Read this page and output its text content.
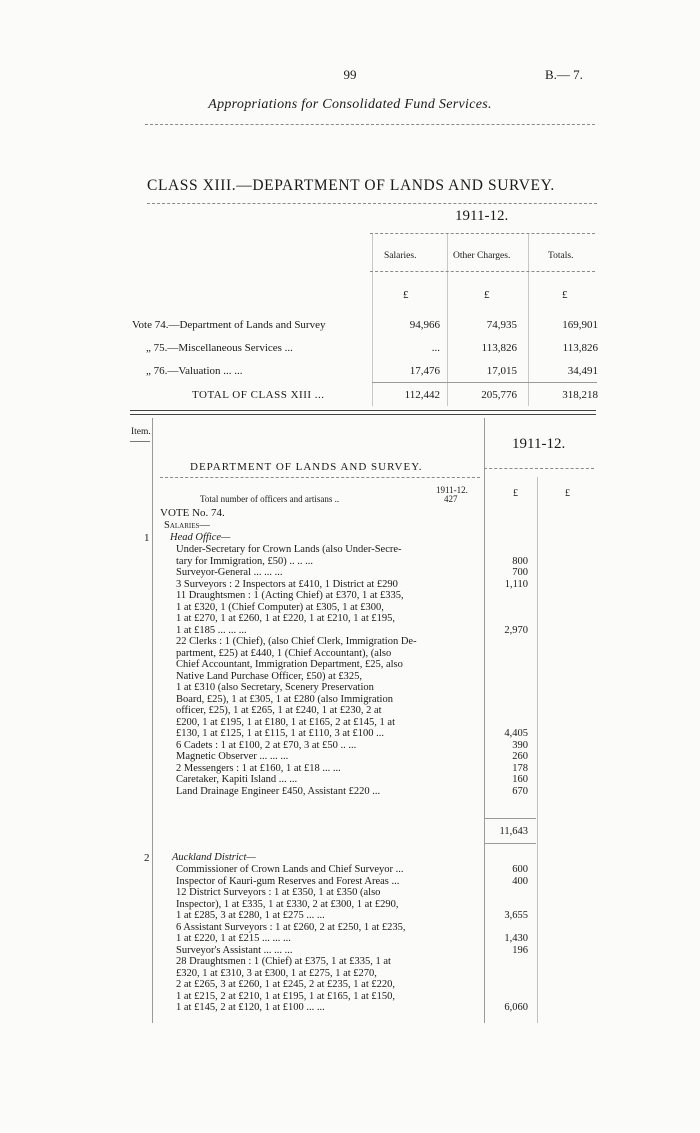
99	B.— 7.
Appropriations for Consolidated Fund Services.
CLASS XIII.—DEPARTMENT OF LANDS AND SURVEY.
1911-12.
Salaries.	Other Charges.	Totals.
£	£	£
Vote 74.—Department of Lands and Survey	94,966	74,935	169,901
„ 75.—Miscellaneous Services ...	...	113,826	113,826
„ 76.—Valuation ... ...	17,476	17,015	34,491
TOTAL OF CLASS XIII ...	112,442	205,776	318,218
Item.
1911-12.
DEPARTMENT OF LANDS AND SURVEY.
Total number of officers and artisans ..
1911-12.
427	£	£
VOTE No. 74.
Salaries—
1 Head Office—
Under-Secretary for Crown Lands (also Under-Secre-
tary for Immigration, £50) .. .. ...	800
Surveyor-General ... ... ...	700
3 Surveyors : 2 Inspectors at £410, 1 District at £290	1,110
11 Draughtsmen : 1 (Acting Chief) at £370, 1 at £335,
1 at £320, 1 (Chief Computer) at £305, 1 at £300,
1 at £270, 1 at £260, 1 at £220, 1 at £210, 1 at £195,
1 at £185 ... ... ...	2,970
22 Clerks : 1 (Chief), (also Chief Clerk, Immigration De-
partment, £25) at £440, 1 (Chief Accountant), (also
Chief Accountant, Immigration Department, £25, also
Native Land Purchase Officer, £50) at £325,
1 at £310 (also Secretary, Scenery Preservation
Board, £25), 1 at £305, 1 at £280 (also Immigration
officer, £25), 1 at £265, 1 at £240, 1 at £230, 2 at
£200, 1 at £195, 1 at £180, 1 at £165, 2 at £145, 1 at
£130, 1 at £125, 1 at £115, 1 at £110, 3 at £100 ...	4,405
6 Cadets : 1 at £100, 2 at £70, 3 at £50 .. ...	390
Magnetic Observer ... ... ...	260
2 Messengers : 1 at £160, 1 at £18 ... ...	178
Caretaker, Kapiti Island ... ...	160
Land Drainage Engineer £450, Assistant £220 ...	670
11,643
2 Auckland District—
Commissioner of Crown Lands and Chief Surveyor ...	600
Inspector of Kauri-gum Reserves and Forest Areas ...	400
12 District Surveyors : 1 at £350, 1 at £350 (also
Inspector), 1 at £335, 1 at £330, 2 at £300, 1 at £290,
1 at £285, 3 at £280, 1 at £275 ... ...	3,655
6 Assistant Surveyors : 1 at £260, 2 at £250, 1 at £235,
1 at £220, 1 at £215 ... ... ...	1,430
Surveyor's Assistant ... ... ...	196
28 Draughtsmen : 1 (Chief) at £375, 1 at £335, 1 at
£320, 1 at £310, 3 at £300, 1 at £275, 1 at £270,
2 at £265, 3 at £260, 1 at £245, 2 at £235, 1 at £220,
1 at £215, 2 at £210, 1 at £195, 1 at £165, 1 at £150,
1 at £145, 2 at £120, 1 at £100 ... ...	6,060
